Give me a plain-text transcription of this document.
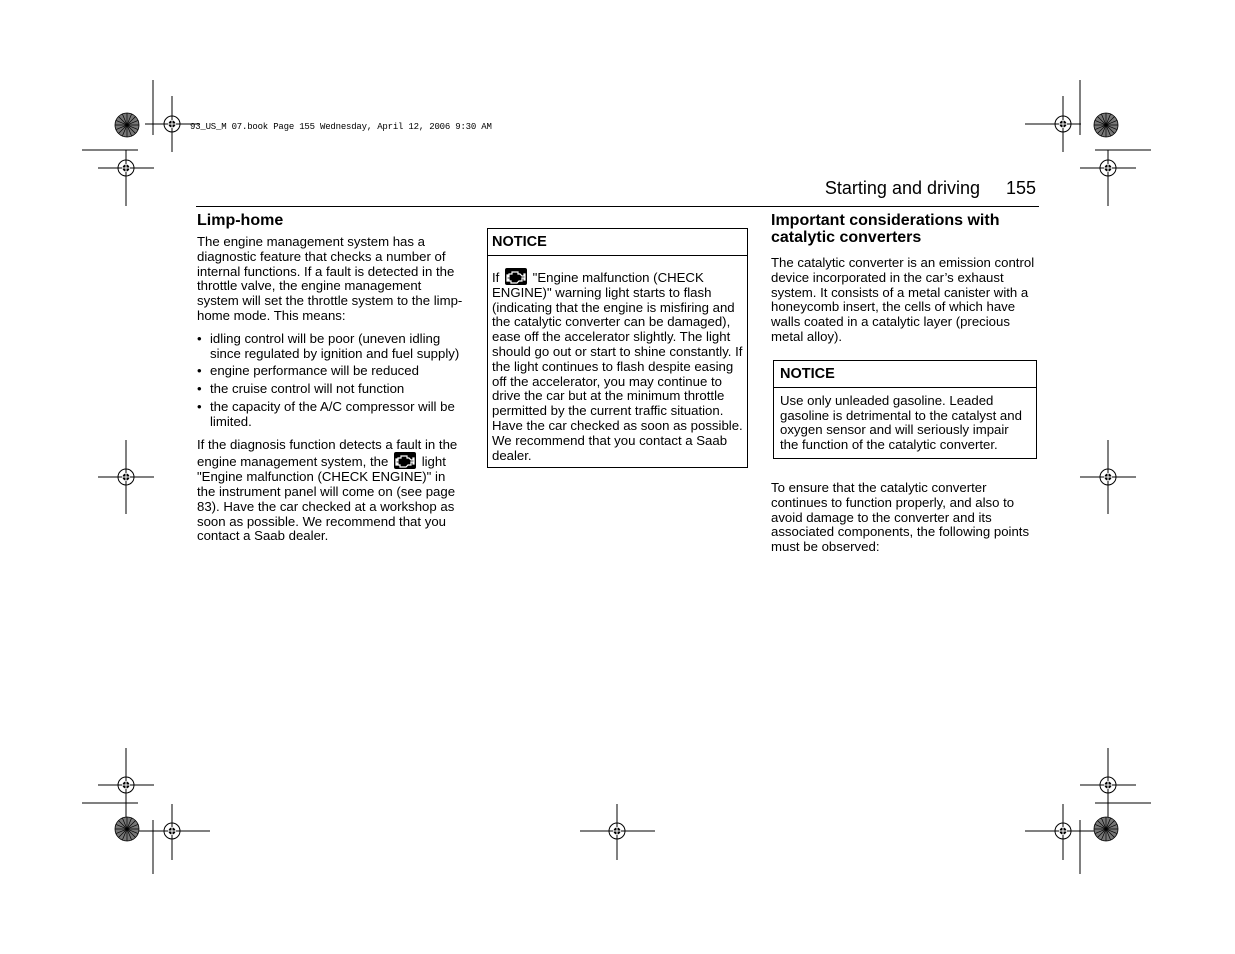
93_US_M 07.book Page 155 Wednesday, April 12, 2006 9:30 AM
Starting and driving 155
Limp-home

The engine management system has a diagnostic feature that checks a number of internal functions. If a fault is detected in the throttle valve, the engine management system will set the throttle system to the limp-home mode. This means:

• idling control will be poor (uneven idling since regulated by ignition and fuel supply)
• engine performance will be reduced
• the cruise control will not function
• the capacity of the A/C compressor will be limited.

If the diagnosis function detects a fault in the engine management system, the	light "Engine malfunction (CHECK ENGINE)" in the instrument panel will come on (see page 83). Have the car checked at a workshop as soon as possible. We recommend that you contact a Saab dealer.

NOTICE
If	"Engine malfunction (CHECK ENGINE)" warning light starts to flash (indicating that the engine is misfiring and the catalytic converter can be damaged), ease off the accelerator slightly. The light should go out or start to shine constantly. If the light continues to flash despite easing off the accelerator, you may continue to drive the car but at the minimum throttle permitted by the current traffic situation. Have the car checked as soon as possible. We recommend that you contact a Saab dealer.
Important considerations with catalytic converters

The catalytic converter is an emission control device incorporated in the car’s exhaust system. It consists of a metal canister with a honeycomb insert, the cells of which have walls coated in a catalytic layer (precious metal alloy).

NOTICE
Use only unleaded gasoline. Leaded gasoline is detrimental to the catalyst and oxygen sensor and will seriously impair the function of the catalytic converter.

To ensure that the catalytic converter continues to function properly, and also to avoid damage to the converter and its associated components, the following points must be observed:
